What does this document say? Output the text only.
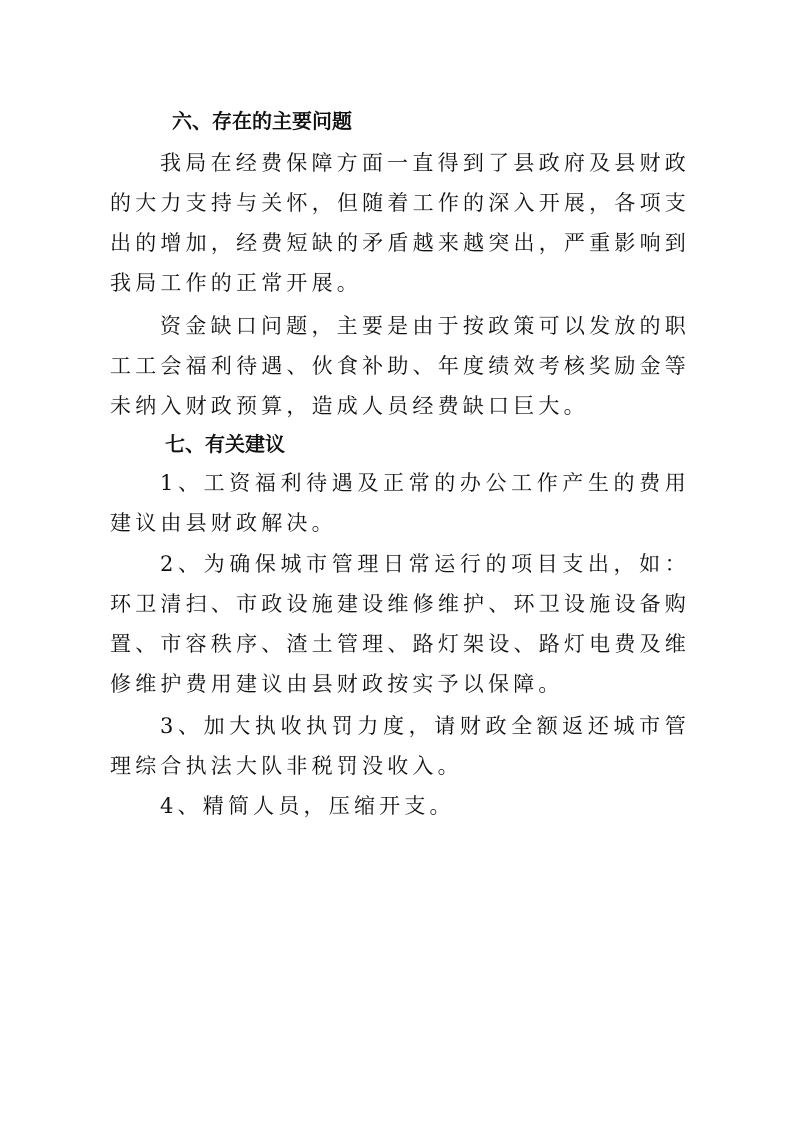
六、存在的主要问题

我局在经费保障方面一直得到了县政府及县财政的大力支持与关怀，但随着工作的深入开展，各项支出的增加，经费短缺的矛盾越来越突出，严重影响到我局工作的正常开展。

资金缺口问题，主要是由于按政策可以发放的职工工会福利待遇、伙食补助、年度绩效考核奖励金等未纳入财政预算，造成人员经费缺口巨大。

七、有关建议

1、工资福利待遇及正常的办公工作产生的费用建议由县财政解决。

2、为确保城市管理日常运行的项目支出，如：环卫清扫、市政设施建设维修维护、环卫设施设备购置、市容秩序、渣土管理、路灯架设、路灯电费及维修维护费用建议由县财政按实予以保障。

3、加大执收执罚力度，请财政全额返还城市管理综合执法大队非税罚没收入。

4、精简人员，压缩开支。
